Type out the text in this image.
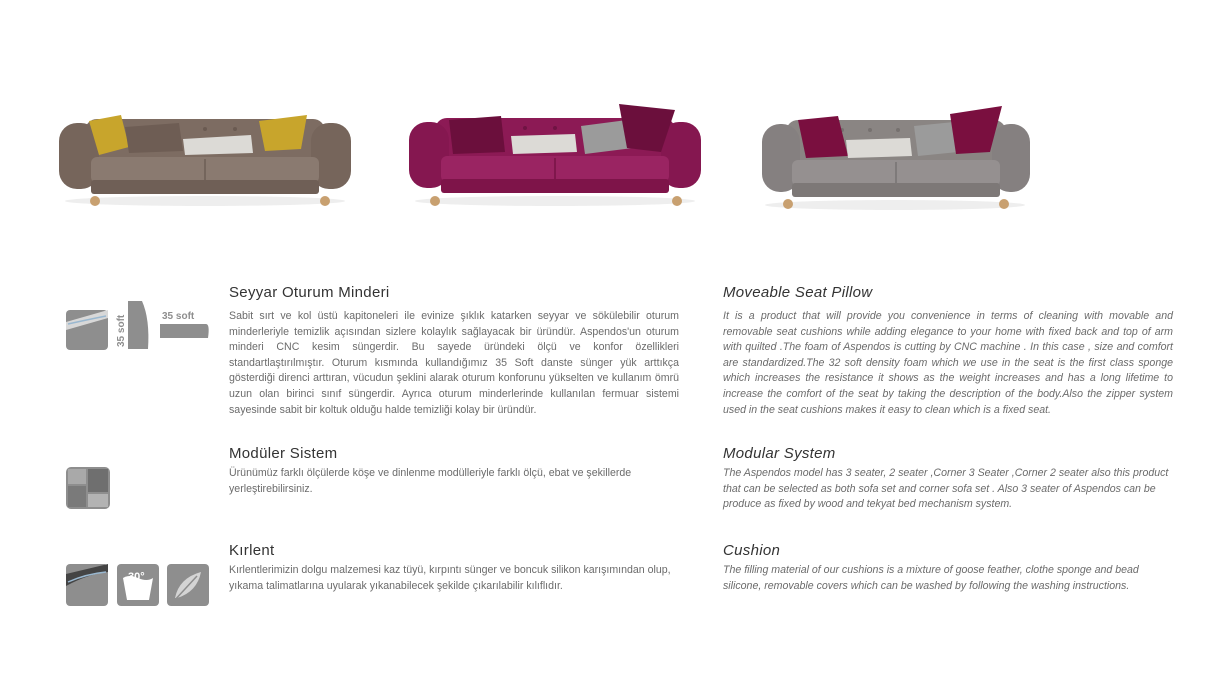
35 soft	35 soft
30°
Seyyar Oturum Minderi
Sabit sırt ve kol üstü kapitoneleri ile evinize şıklık katarken seyyar ve sökülebilir oturum minderleriyle temizlik açısından sizlere kolaylık sağlayacak bir üründür. Aspendos'un oturum minderi CNC kesim süngerdir. Bu sayede üründeki ölçü ve konfor özellikleri standartlaştırılmıştır. Oturum kısmında kullandığımız 35 Soft danste sünger yük arttıkça gösterdiği direnci arttıran, vücudun şeklini alarak oturum konforunu yükselten ve kullanım ömrü uzun olan birinci sınıf süngerdir. Ayrıca oturum minderlerinde kullanılan fermuar sistemi sayesinde sabit bir koltuk olduğu halde temizliği kolay bir üründür.
Modüler Sistem
Ürünümüz farklı ölçülerde köşe ve dinlenme modülleriyle farklı ölçü, ebat ve şekillerde yerleştirebilirsiniz.
Kırlent
Kırlentlerimizin dolgu malzemesi kaz tüyü, kırpıntı sünger ve boncuk silikon karışımından olup, yıkama talimatlarına uyularak yıkanabilecek şekilde çıkarılabilir kılıflıdır.
Moveable Seat Pillow
It is a product that will provide you convenience in terms of cleaning with movable and removable seat cushions while adding elegance to your home with fixed back and top of arm with quilted .The foam of Aspendos is cutting by CNC machine . In this case , size and comfort are standardized.The 32 soft density foam which we use in the seat is the first class sponge which increases the resistance it shows as the weight increases and has a long lifetime to increase the comfort of the seat by taking the description of the body.Also the zipper system used in the seat cushions makes it easy to clean which is a fixed seat.
Modular System
The Aspendos model has 3 seater, 2 seater ,Corner 3 Seater ,Corner 2 seater also this product that can be selected as both sofa set and corner sofa set . Also 3 seater of Aspendos can be produce as fixed by wood and tekyat bed mechanism system.
Cushion
The filling material of our cushions is a mixture of goose feather, clothe sponge and bead silicone, removable covers which can be washed by following the washing instructions.
